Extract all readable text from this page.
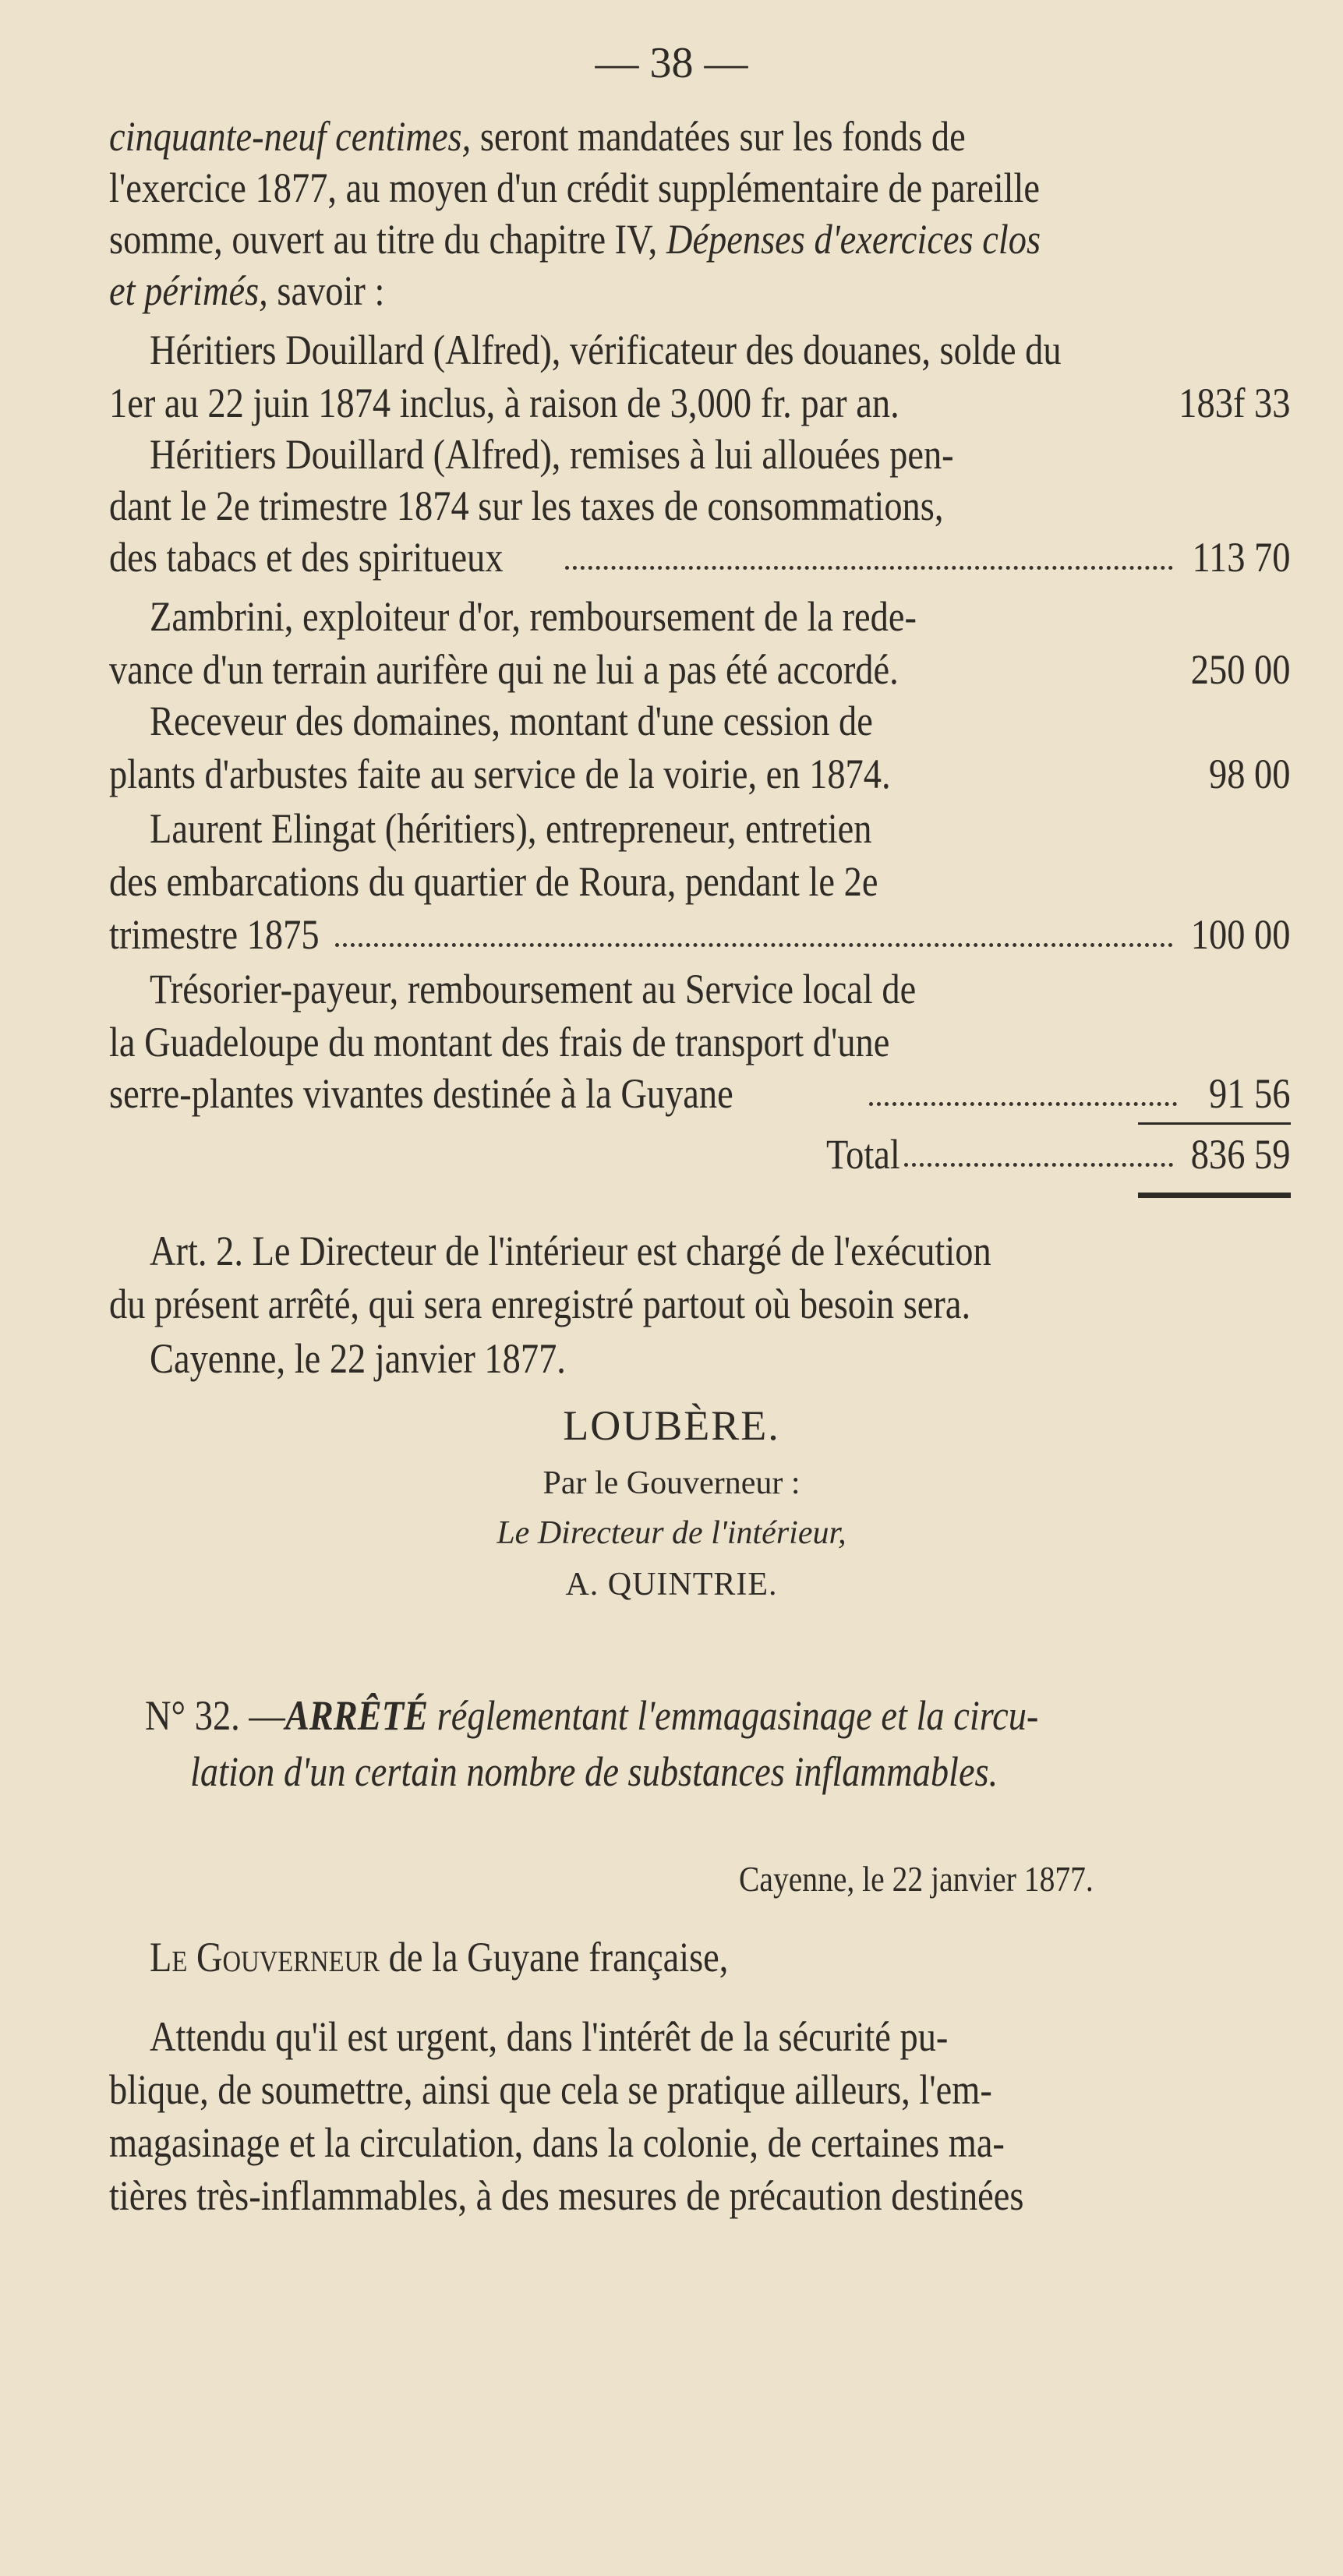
— 38 —
cinquante-neuf centimes, seront mandatées sur les fonds de
l'exercice 1877, au moyen d'un crédit supplémentaire de pareille
somme, ouvert au titre du chapitre IV, Dépenses d'exercices clos
et périmés, savoir :
Héritiers Douillard (Alfred), vérificateur des douanes, solde du
1er au 22 juin 1874 inclus, à raison de 3,000 fr. par an.	183f 33
Héritiers Douillard (Alfred), remises à lui allouées pen-
dant le 2e trimestre 1874 sur les taxes de consommations,
des tabacs et des spiritueux	113 70
Zambrini, exploiteur d'or, remboursement de la rede-
vance d'un terrain aurifère qui ne lui a pas été accordé.	250 00
Receveur des domaines, montant d'une cession de
plants d'arbustes faite au service de la voirie, en 1874.	98 00
Laurent Elingat (héritiers), entrepreneur, entretien
des embarcations du quartier de Roura, pendant le 2e
trimestre 1875	100 00
Trésorier-payeur, remboursement au Service local de
la Guadeloupe du montant des frais de transport d'une
serre-plantes vivantes destinée à la Guyane	91 56
Total	836 59
Art. 2. Le Directeur de l'intérieur est chargé de l'exécution
du présent arrêté, qui sera enregistré partout où besoin sera.
Cayenne, le 22 janvier 1877.
LOUBÈRE.
Par le Gouverneur :
Le Directeur de l'intérieur,
A. QUINTRIE.
N° 32. —ARRÊTÉ réglementant l'emmagasinage et la circu-
lation d'un certain nombre de substances inflammables.
Cayenne, le 22 janvier 1877.
Le Gouverneur de la Guyane française,
Attendu qu'il est urgent, dans l'intérêt de la sécurité pu-
blique, de soumettre, ainsi que cela se pratique ailleurs, l'em-
magasinage et la circulation, dans la colonie, de certaines ma-
tières très-inflammables, à des mesures de précaution destinées
